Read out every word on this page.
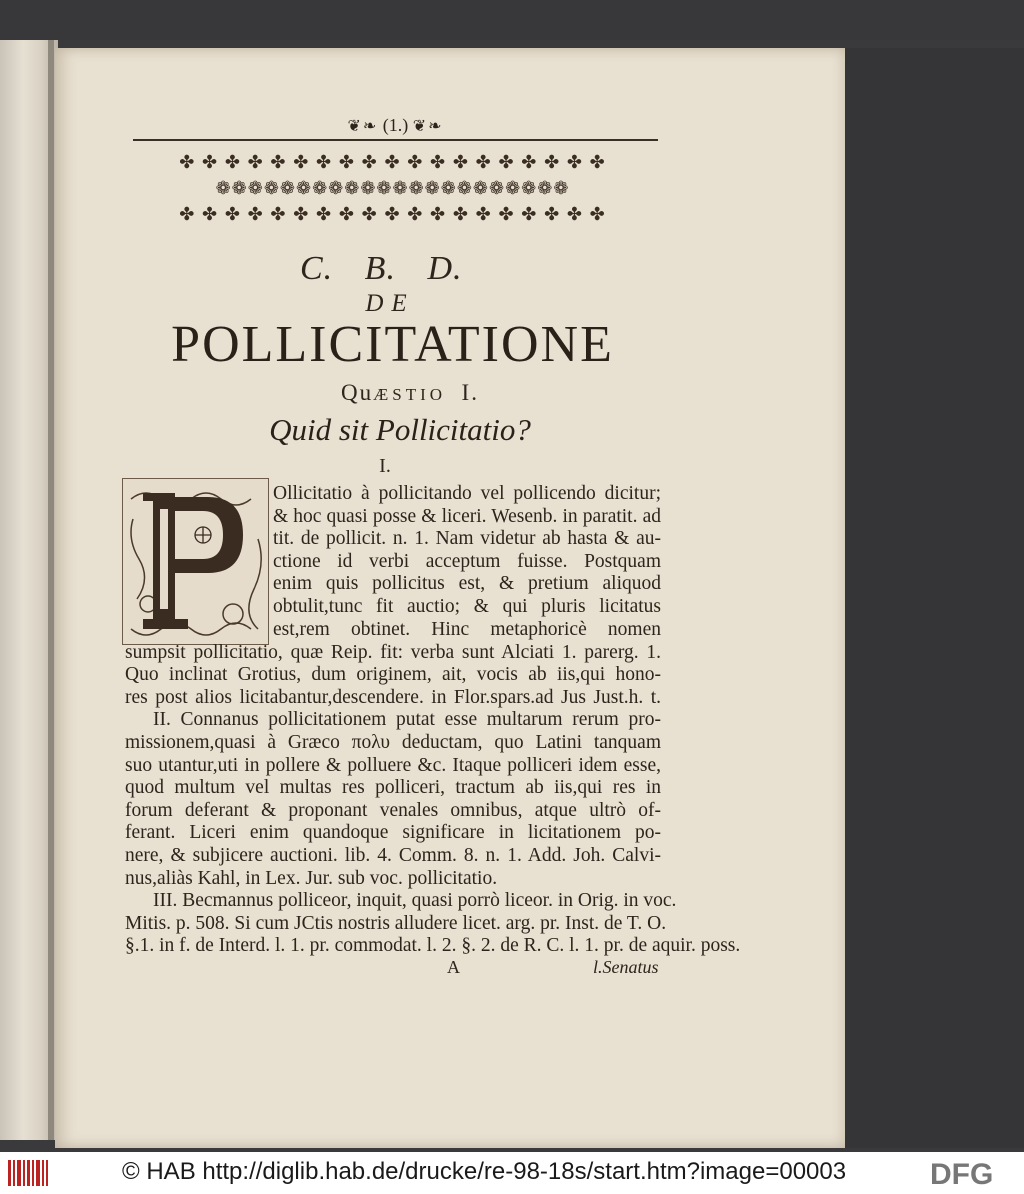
❦❧ (1.) ❦❧
✤ ✤ ✤ ✤ ✤ ✤ ✤ ✤ ✤ ✤ ✤ ✤ ✤ ✤ ✤ ✤ ✤ ✤ ✤
❁❁❁❁❁❁❁❁❁❁❁❁❁❁❁❁❁❁❁❁❁❁
✤ ✤ ✤ ✤ ✤ ✤ ✤ ✤ ✤ ✤ ✤ ✤ ✤ ✤ ✤ ✤ ✤ ✤ ✤
C. B. D.
DE
POLLICITATIONE
QuÆSTIO I.
Quid sit Pollicitatio?
I.
Ollicitatio à pollicitando vel pollicendo dicitur;
& hoc quasi posse & liceri. Wesenb. in paratit. ad
tit. de pollicit. n. 1. Nam videtur ab hasta & au-
ctione id verbi acceptum fuisse. Postquam
enim quis pollicitus est, & pretium aliquod
obtulit,tunc fit auctio; & qui pluris licitatus
est,rem obtinet. Hinc metaphoricè nomen
sumpsit pollicitatio, quæ Reip. fit: verba sunt Alciati 1. parerg. 1.
Quo inclinat Grotius, dum originem, ait, vocis ab iis,qui hono-
res post alios licitabantur,descendere. in Flor.spars.ad Jus Just.h. t.
II. Connanus pollicitationem putat esse multarum rerum pro-
missionem,quasi à Græco πολυ deductam, quo Latini tanquam
suo utantur,uti in pollere & polluere &c. Itaque polliceri idem esse,
quod multum vel multas res polliceri, tractum ab iis,qui res in
forum deferant & proponant venales omnibus, atque ultrò of-
ferant. Liceri enim quandoque significare in licitationem po-
nere, & subjicere auctioni. lib. 4. Comm. 8. n. 1. Add. Joh. Calvi-
nus,aliàs Kahl, in Lex. Jur. sub voc. pollicitatio.
III. Becmannus polliceor, inquit, quasi porrò liceor. in Orig. in voc.
Mitis. p. 508. Si cum JCtis nostris alludere licet. arg. pr. Inst. de T. O.
§.1. in f. de Interd. l. 1. pr. commodat. l. 2. §. 2. de R. C. l. 1. pr. de aquir. poss.
A	l.Senatus
© HAB http://diglib.hab.de/drucke/re-98-18s/start.htm?image=00003	DFG
